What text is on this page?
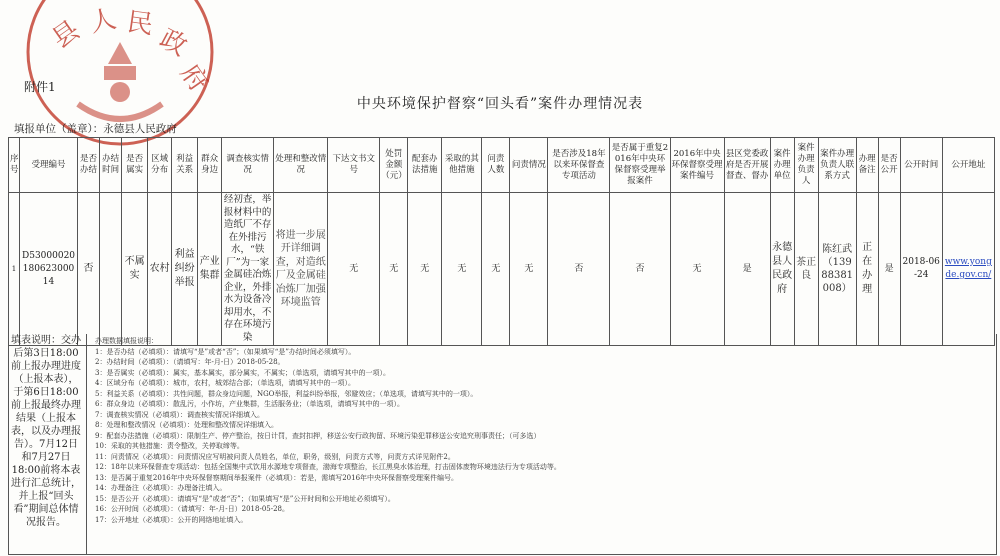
县 人 民 政
府
附件1
中央环境保护督察“回头看”案件办理情况表
填报单位（盖章）：永德县人民政府
序号	受理编号	是否办结	办结时间	是否属实	区域分布	利益关系	群众身边	调查核实情况	处理和整改情况	下达文书文号	处罚金额（元）	配套办法措施	采取的其他措施	问责人数	问责情况	是否涉及18年以来环保督查专项活动	是否属于重复2016年中央环保督察受理举报案件	2016年中央环保督察受理案件编号	县区党委政府是否开展督查、督办	案件办理单位	案件办理负责人	案件办理负责人联系方式	办理备注	是否公开	公开时间	公开地址
1	D5300002018062300014	否		不属实	农村	利益纠纷举报	产业集群	经初查，举报材料中的造纸厂不存在外排污水，“铁厂”为一家金属硅冶炼企业，外排水为设备冷却用水，不存在环境污染	将进一步展开详细调查，对造纸厂及金属硅冶炼厂加强环境监管	无	无	无	无	无	无	否	否	无	是	永德县人民政府	茶正良	陈红武（13988381008）	正在办理	是	2018-06-24	www.yongde.gov.cn/
填表说明：交办后第3日18:00前上报办理进度（上报本表），于第6日18:00前上报最终办理结果（上报本表，以及办理报告）。7月12日和7月27日18:00前将本表进行汇总统计，并上报“回头看”期间总体情况报告。

办理数据填报说明：

1：是否办结（必填项）：请填写“是”或者“否”；（如果填写“是”办结时间必须填写）。

2：办结时间（必填项）：（请填写：年-月-日）2018-05-28。

3：是否属实（必填项）：属实，基本属实，部分属实，不属实；（单选项，请填写其中的一项）。

4：区域分布（必填项）：城市，农村，城郊结合部；（单选项，请填写其中的一项）。

5：利益关系（必填项）：共性问题，群众身边问题，NGO举报，利益纠纷举报，邻避效应；（单选项，请填写其中的一项）。

6：群众身边（必填项）：散乱污，小作坊，产业集群，生活服务业；（单选项，请填写其中的一项）。

7：调查核实情况（必填项）：调查核实情况详细填入。

8：处理和整改情况（必填项）：处理和整改情况详细填入。

9：配套办法措施（必填项）：限制生产、停产整治，按日计罚，查封扣押，移送公安行政拘留、环境污染犯罪移送公安追究刑事责任；（可多选）

10：采取的其他措施：责令整改，关停取缔等。

11：问责情况（必填项）：问责情况应写明被问责人员姓名，单位，职务，级别，问责方式等，问责方式详见附件2。

12：18年以来环保督查专项活动：包括全国集中式饮用水源地专项督查，渤海专项整治，长江黑臭水体治理，打击固体废物环境违法行为专项活动等。

13：是否属于重复2016年中央环保督察期间举报案件（必填项）：若是，需填写2016年中央环保督察受理案件编号。

14：办理备注（必填项）：办理备注填入。

15：是否公开（必填项）：请填写“是”或者“否”；（如果填写“是”公开时间和公开地址必须填写）。

16：公开时间（必填项）：（请填写：年-月-日）2018-05-28。

17：公开地址（必填项）：公开的网络地址填入。
